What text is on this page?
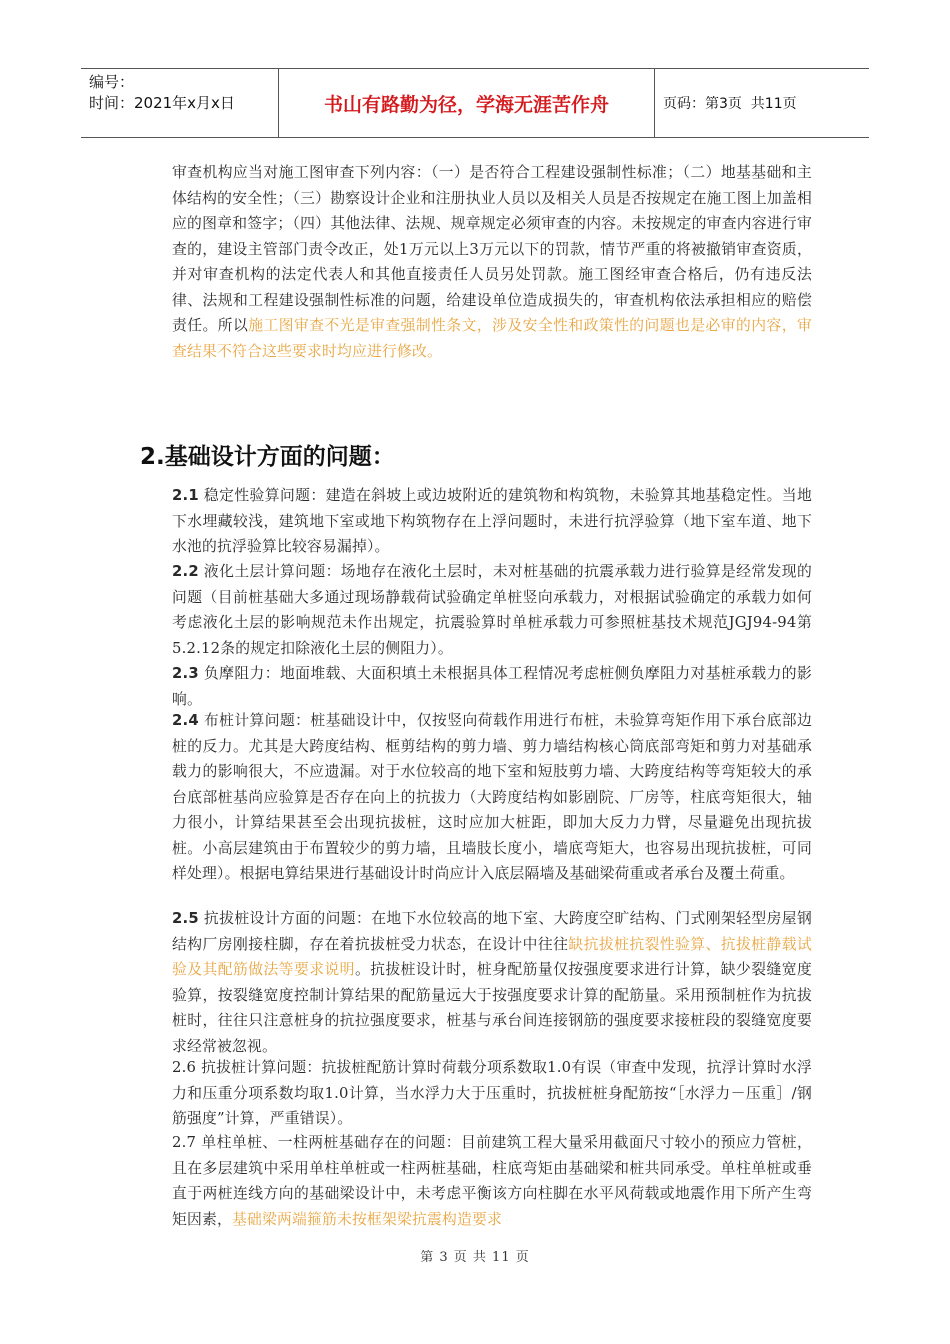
编号：
时间：2021年x月x日	书山有路勤为径，学海无涯苦作舟	页码：第3页  共11页
审查机构应当对施工图审查下列内容：（一）是否符合工程建设强制性标准；（二）地基基础和主体结构的安全性；（三）勘察设计企业和注册执业人员以及相关人员是否按规定在施工图上加盖相应的图章和签字；（四）其他法律、法规、规章规定必须审查的内容。未按规定的审查内容进行审查的，建设主管部门责令改正，处1万元以上3万元以下的罚款，情节严重的将被撤销审查资质，并对审查机构的法定代表人和其他直接责任人员另处罚款。施工图经审查合格后，仍有违反法律、法规和工程建设强制性标准的问题，给建设单位造成损失的，审查机构依法承担相应的赔偿责任。所以施工图审查不光是审查强制性条文，涉及安全性和政策性的问题也是必审的内容，审查结果不符合这些要求时均应进行修改。
2.基础设计方面的问题：
2.1 稳定性验算问题：建造在斜坡上或边坡附近的建筑物和构筑物，未验算其地基稳定性。当地下水埋藏较浅，建筑地下室或地下构筑物存在上浮问题时，未进行抗浮验算（地下室车道、地下水池的抗浮验算比较容易漏掉）。
2.2 液化土层计算问题：场地存在液化土层时，未对桩基础的抗震承载力进行验算是经常发现的问题（目前桩基础大多通过现场静载荷试验确定单桩竖向承载力，对根据试验确定的承载力如何考虑液化土层的影响规范未作出规定，抗震验算时单桩承载力可参照桩基技术规范JGJ94-94第5.2.12条的规定扣除液化土层的侧阻力）。
2.3 负摩阻力：地面堆载、大面积填土未根据具体工程情况考虑桩侧负摩阻力对基桩承载力的影响。
2.4 布桩计算问题：桩基础设计中，仅按竖向荷载作用进行布桩，未验算弯矩作用下承台底部边桩的反力。尤其是大跨度结构、框剪结构的剪力墙、剪力墙结构核心筒底部弯矩和剪力对基础承载力的影响很大，不应遗漏。对于水位较高的地下室和短肢剪力墙、大跨度结构等弯矩较大的承台底部桩基尚应验算是否存在向上的抗拔力（大跨度结构如影剧院、厂房等，柱底弯矩很大，轴力很小，计算结果甚至会出现抗拔桩，这时应加大桩距，即加大反力力臂，尽量避免出现抗拔桩。小高层建筑由于布置较少的剪力墙，且墙肢长度小，墙底弯矩大，也容易出现抗拔桩，可同样处理）。根据电算结果进行基础设计时尚应计入底层隔墙及基础梁荷重或者承台及覆土荷重。
2.5 抗拔桩设计方面的问题：在地下水位较高的地下室、大跨度空旷结构、门式刚架轻型房屋钢结构厂房刚接柱脚，存在着抗拔桩受力状态，在设计中往往缺抗拔桩抗裂性验算、抗拔桩静载试验及其配筋做法等要求说明。抗拔桩设计时，桩身配筋量仅按强度要求进行计算，缺少裂缝宽度验算，按裂缝宽度控制计算结果的配筋量远大于按强度要求计算的配筋量。采用预制桩作为抗拔桩时，往往只注意桩身的抗拉强度要求，桩基与承台间连接钢筋的强度要求接桩段的裂缝宽度要求经常被忽视。
2.6 抗拔桩计算问题：抗拔桩配筋计算时荷载分项系数取1.0有误（审查中发现，抗浮计算时水浮力和压重分项系数均取1.0计算，当水浮力大于压重时，抗拔桩桩身配筋按“［水浮力－压重］/钢筋强度”计算，严重错误）。
2.7 单柱单桩、一柱两桩基础存在的问题：目前建筑工程大量采用截面尺寸较小的预应力管桩，且在多层建筑中采用单柱单桩或一柱两桩基础，柱底弯矩由基础梁和桩共同承受。单柱单桩或垂直于两桩连线方向的基础梁设计中，未考虑平衡该方向柱脚在水平风荷载或地震作用下所产生弯矩因素，基础梁两端箍筋未按框架梁抗震构造要求
第 3 页 共 11 页
